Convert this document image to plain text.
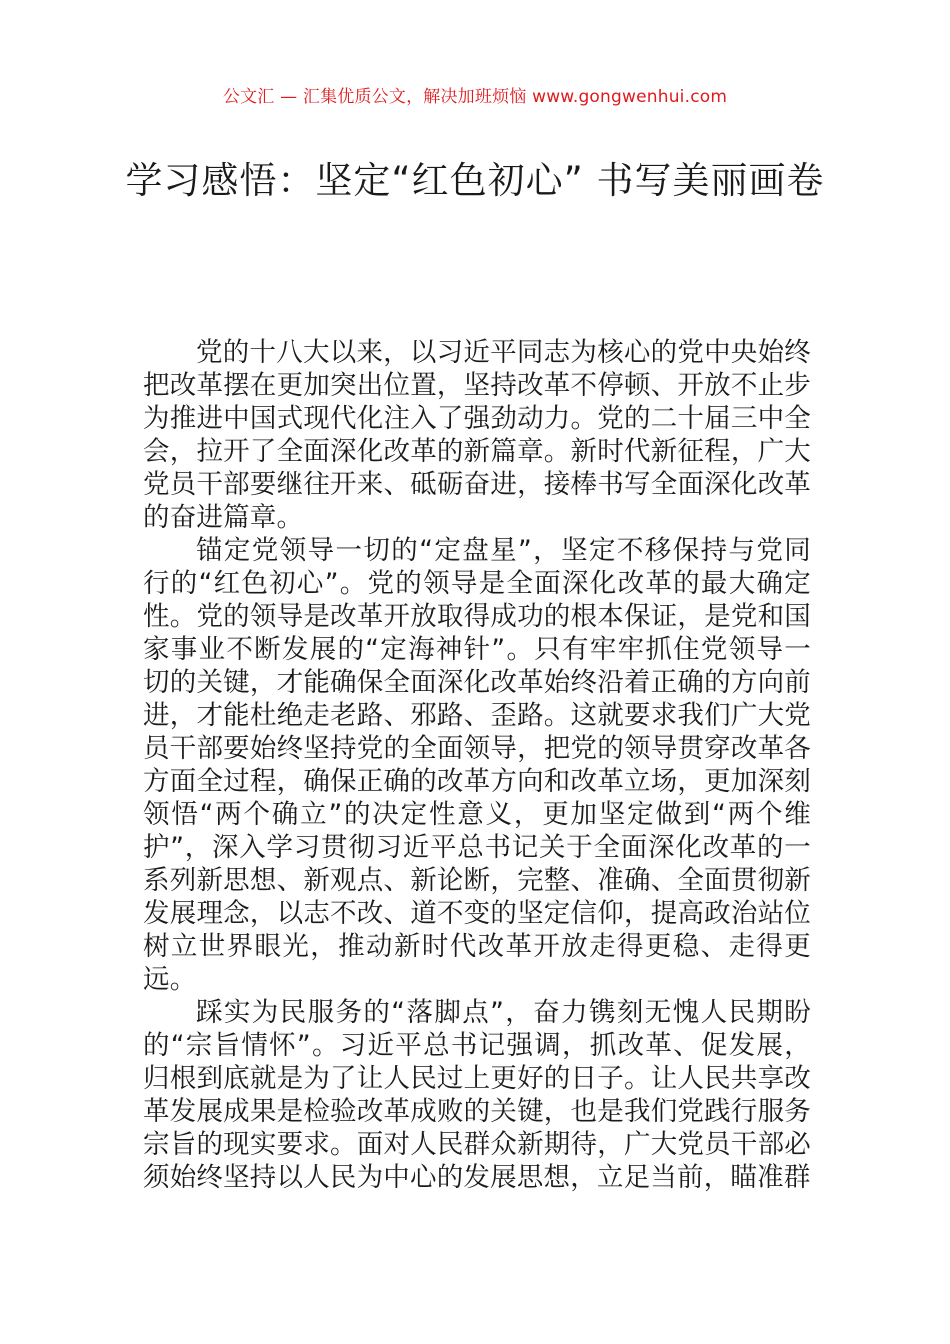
公文汇 — 汇集优质公文，解决加班烦恼 www.gongwenhui.com
学习感悟：坚定“红色初心” 书写美丽画卷

党的十八大以来，以习近平同志为核心的党中央始终把改革摆在更加突出位置，坚持改革不停顿、开放不止步为推进中国式现代化注入了强劲动力。党的二十届三中全会，拉开了全面深化改革的新篇章。新时代新征程，广大党员干部要继往开来、砥砺奋进，接棒书写全面深化改革的奋进篇章。

锚定党领导一切的“定盘星”，坚定不移保持与党同行的“红色初心”。党的领导是全面深化改革的最大确定性。党的领导是改革开放取得成功的根本保证，是党和国家事业不断发展的“定海神针”。只有牢牢抓住党领导一切的关键，才能确保全面深化改革始终沿着正确的方向前进，才能杜绝走老路、邪路、歪路。这就要求我们广大党员干部要始终坚持党的全面领导，把党的领导贯穿改革各方面全过程，确保正确的改革方向和改革立场，更加深刻领悟“两个确立”的决定性意义，更加坚定做到“两个维护”，深入学习贯彻习近平总书记关于全面深化改革的一系列新思想、新观点、新论断，完整、准确、全面贯彻新发展理念，以志不改、道不变的坚定信仰，提高政治站位树立世界眼光，推动新时代改革开放走得更稳、走得更远。

踩实为民服务的“落脚点”，奋力镌刻无愧人民期盼的“宗旨情怀”。习近平总书记强调，抓改革、促发展，归根到底就是为了让人民过上更好的日子。让人民共享改革发展成果是检验改革成败的关键，也是我们党践行服务宗旨的现实要求。面对人民群众新期待，广大党员干部必须始终坚持以人民为中心的发展思想，立足当前，瞄准群
